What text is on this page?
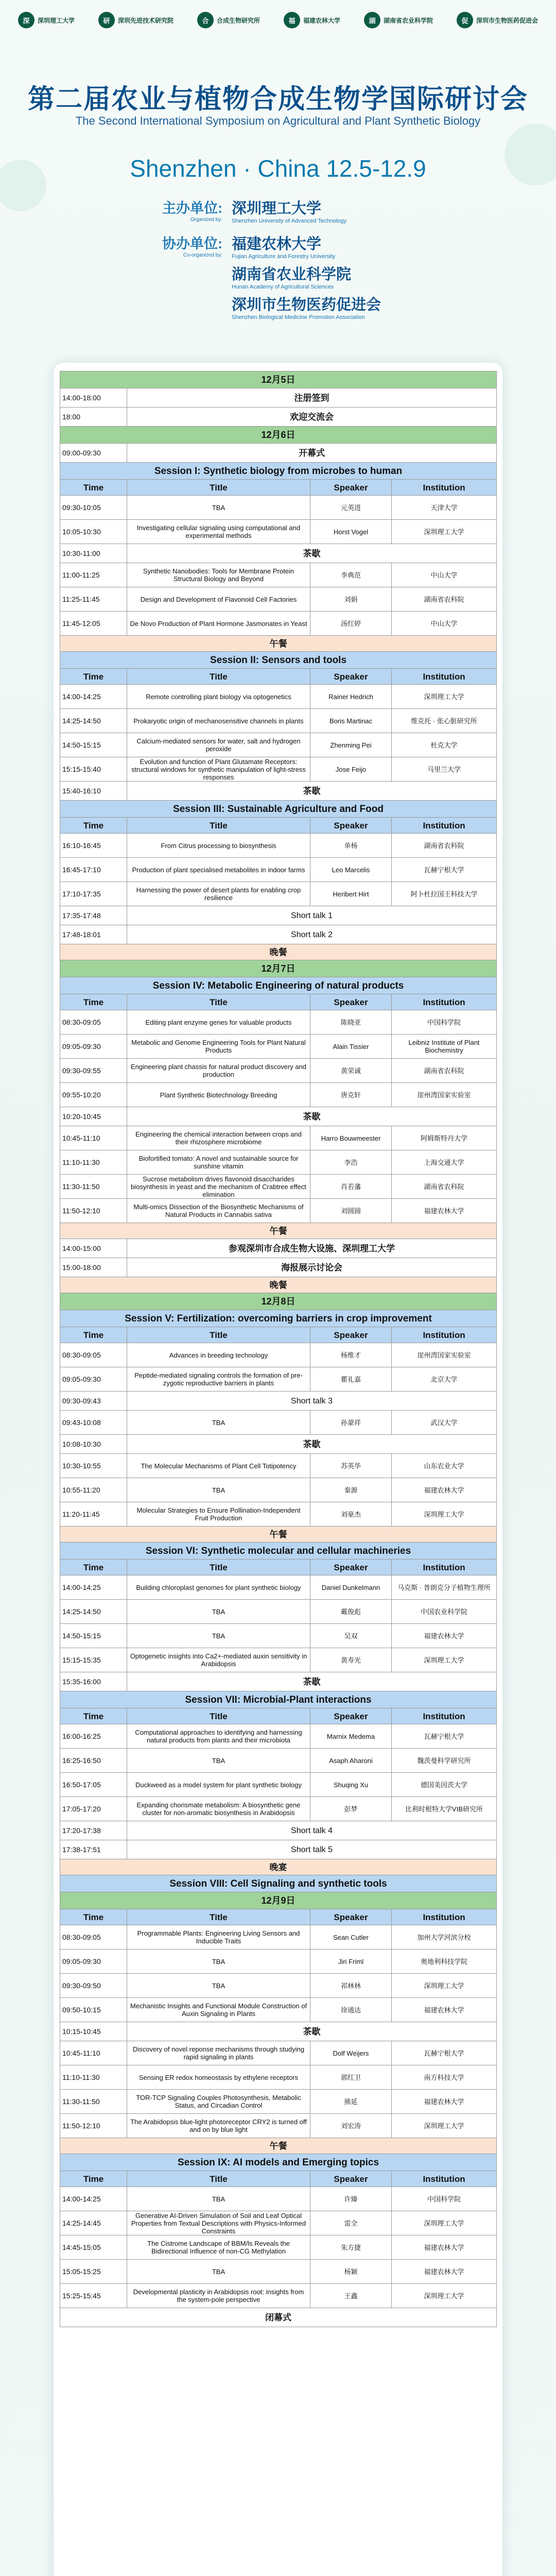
深	深圳理工大学	研	深圳先进技术研究院	合	合成生物研究所	福	福建农林大学	湖	湖南省农业科学院	促	深圳市生物医药促进会
第二届农业与植物合成生物学国际研讨会
The Second International Symposium on Agricultural and Plant Synthetic Biology
Shenzhen · China 12.5-12.9
主办单位:
Organized by:
深圳理工大学
Shenzhen University of Advanced Technology
协办单位:
Co-organized by:
福建农林大学
Fujian Agriculture and Forestry University
湖南省农业科学院
Hunan Academy of Agricultural Sciences
深圳市生物医药促进会
Shenzhen Biological Medicine Promotion Association
12月5日			
14:00-18:00	注册签到		
18:00	欢迎交流会		
12月6日			
09:00-09:30	开幕式		
Session I: Synthetic biology from microbes to human			
Time	Title	Speaker	Institution
09:30-10:05	TBA	元英进	天津大学
10:05-10:30	Investigating cellular signaling using computational and experimental methods	Horst Vogel	深圳理工大学
10:30-11:00	茶歇		
11:00-11:25	Synthetic Nanobodies: Tools for Membrane Protein Structural Biology and Beyond	李典范	中山大学
11:25-11:45	Design and Development of Flavonoid Cell Factories	刘娟	湖南省农科院
11:45-12:05	De Novo Production of Plant Hormone Jasmonates in Yeast	汤红婷	中山大学
午餐			
Session II: Sensors and tools			
Time	Title	Speaker	Institution
14:00-14:25	Remote controlling plant biology via optogenetics	Rainer Hedrich	深圳理工大学
14:25-14:50	Prokaryotic origin of mechanosensitive channels in plants	Boris Martinac	维克托 · 张心脏研究所
14:50-15:15	Calcium-mediated sensors for water, salt and hydrogen peroxide	Zhenming Pei	杜克大学
15:15-15:40	Evolution and function of Plant Glutamate Receptors: structural windows for synthetic manipulation of light-stress responses	Jose Feijo	马里兰大学
15:40-16:10	茶歇		
Session III: Sustainable Agriculture and Food			
Time	Title	Speaker	Institution
16:10-16:45	From Citrus processing to biosynthesis	单杨	湖南省农科院
16:45-17:10	Production of plant specialised metabolites in indoor farms	Leo Marcelis	瓦赫宁根大学
17:10-17:35	Harnessing the power of desert plants for enabling crop resilience	Heribert Hirt	阿卜杜拉国王科技大学
17:35-17:48	Short talk 1		
17:48-18:01	Short talk 2		
晚餐			
12月7日			
Session IV: Metabolic Engineering of natural products			
Time	Title	Speaker	Institution
08:30-09:05	Editing plant enzyme genes for valuable products	陈晓亚	中国科学院
09:05-09:30	Metabolic and Genome Engineering Tools for Plant Natural Products	Alain Tissier	Leibniz Institute of Plant Biochemistry
09:30-09:55	Engineering plant chassis for natural product discovery and production	黄荣诚	湖南省农科院
09:55-10:20	Plant Synthetic Biotechnology Breeding	唐克轩	崖州湾国家实验室
10:20-10:45	茶歇		
10:45-11:10	Engineering the chemical interaction between crops and their rhizosphere microbiome	Harro Bouwmeester	阿姆斯特丹大学
11:10-11:30	Biofortified tomato: A novel and sustainable source for sunshine vitamin	李浩	上海交通大学
11:30-11:50	Sucrose metabolism drives flavonoid disaccharides biosynthesis in yeast and the mechanism of Crabtree effect elimination	肖若藩	湖南省农科院
11:50-12:10	Multi-omics Dissection of the Biosynthetic Mechanisms of Natural Products in Cannabis sativa	刘圆圆	福建农林大学
午餐			
14:00-15:00	参观深圳市合成生物大设施、深圳理工大学		
15:00-18:00	海报展示讨论会		
晚餐			
12月8日			
Session V: Fertilization: overcoming barriers in crop improvement			
Time	Title	Speaker	Institution
08:30-09:05	Advances in breeding technology	杨维才	崖州湾国家实验室
09:05-09:30	Peptide-mediated signaling controls the formation of pre-zygotic reproductive barriers in plants	瞿礼嘉	北京大学
09:30-09:43	Short talk 3		
09:43-10:08	TBA	孙蒙祥	武汉大学
10:08-10:30	茶歇		
10:30-10:55	The Molecular Mechanisms of Plant Cell Totipotency	苏英华	山东农业大学
10:55-11:20	TBA	秦源	福建农林大学
11:20-11:45	Molecular Strategies to Ensure Pollination-Independent Fruit Production	刘豪杰	深圳理工大学
午餐			
Session VI: Synthetic molecular and cellular machineries			
Time	Title	Speaker	Institution
14:00-14:25	Building chloroplast genomes for plant synthetic biology	Daniel Dunkelmann	马克斯 · 普朗克分子植物生理所
14:25-14:50	TBA	戴俊彪	中国农业科学院
14:50-15:15	TBA	吴双	福建农林大学
15:15-15:35	Optogenetic insights into Ca2+-mediated auxin sensitivity in Arabidopsis	黄寿光	深圳理工大学
15:35-16:00	茶歇		
Session VII: Microbial-Plant interactions			
Time	Title	Speaker	Institution
16:00-16:25	Computational approaches to identifying and harnessing natural products from plants and their microbiota	Marnix Medema	瓦赫宁根大学
16:25-16:50	TBA	Asaph Aharoni	魏茨曼科学研究所
16:50-17:05	Duckweed as a model system for plant synthetic biology	Shuqing Xu	德国美因茨大学
17:05-17:20	Expanding chorismate metabolism: A biosynthetic gene cluster for non-aromatic biosynthesis in Arabidopsis	彭梦	比利时根特大学VIB研究所
17:20-17:38	Short talk 4		
17:38-17:51	Short talk 5		
晚宴			
Session VIII: Cell Signaling and synthetic tools			
12月9日			
Time	Title	Speaker	Institution
08:30-09:05	Programmable Plants: Engineering Living Sensors and Inducible Traits	Sean Cutler	加州大学河滨分校
09:05-09:30	TBA	Jiri Friml	奥地利科技学院
09:30-09:50	TBA	祁林林	深圳理工大学
09:50-10:15	Mechanistic Insights and Functional Module Construction of Auxin Signaling in Plants	徐通达	福建农林大学
10:15-10:45	茶歇		
10:45-11:10	Discovery of novel reponse mechanisms through studying rapid signaling in plants	Dolf Weijers	瓦赫宁根大学
11:10-11:30	Sensing ER redox homeostasis by ethylene receptors	郭红卫	南方科技大学
11:30-11:50	TOR-TCP Signaling Couples Photosynthesis, Metabolic Status, and Circadian Control	熊延	福建农林大学
11:50-12:10	The Arabidopsis blue-light photoreceptor CRY2 is turned off and on by blue light	刘宏涛	深圳理工大学
午餐			
Session IX: AI models and Emerging topics			
Time	Title	Speaker	Institution
14:00-14:25	TBA	许臻	中国科学院
14:25-14:45	Generative AI-Driven Simulation of Soil and Leaf Optical Properties from Textual Descriptions with Physics-Informed Constraints	雷全	深圳理工大学
14:45-15:05	The Cistrome Landscape of BBM/ls Reveals the Bidirectional Influence of non-CG Methylation	朱方捷	福建农林大学
15:05-15:25	TBA	杨颖	福建农林大学
15:25-15:45	Developmental plasticity in Arabidopsis root: insights from the system-pole perspective	王鑫	深圳理工大学
闭幕式			
